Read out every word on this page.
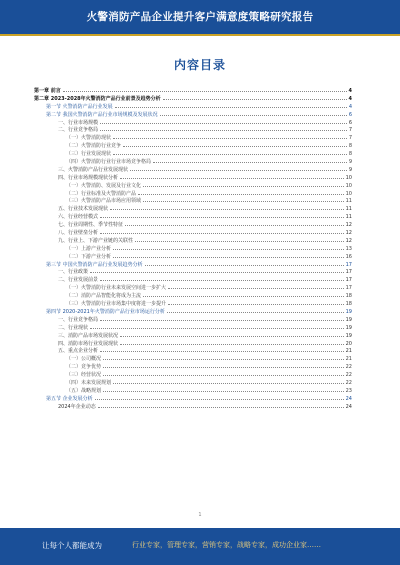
火警消防产品企业提升客户满意度策略研究报告
内容目录
第一章 前言	4
第二章 2023-2028年火警消防产品行业前景及趋势分析	4
第一节 火警消防产品行业发展	4
第二节 我国火警消防产品行业市场规模及发展状况	6
一、行业市场规模	6
二、行业竞争格局	7
（一）火警消防现状	7
（二）火警消防行业竞争	8
（三）行业发展现状	8
（四）火警消防行业行业市场竞争格局	9
三、火警消防产品行业发展现状	9
四、行业市场规模现状分析	10
（一）火警消防、发展及行业文化	10
（二）行业标准及火警消防产品	10
（三）火警消防产品市场应用领域	11
五、行业技术发展现状	11
六、行业经营模式	11
七、行业周期性、季节性特征	12
八、行业壁垒分析	12
九、行业上、下游产业链的关联性	12
（一）上游产业分析	13
（二）下游产业分析	16
第三节 中国火警消防产品行业发展趋势分析	17
一、行业政策	17
二、行业发展前景	17
（一）火警消防行业未来发展空间进一步扩大	17
（二）消防产品智能化将成为主流	18
（三）火警消防行业市场集中度将进一步提升	18
第四节 2020-2021年火警消防产品行业市场运行分析	19
一、行业竞争格局	19
二、行业现状	19
三、消防产品市场发展状况	19
四、消防市场行业发展现状	20
五、重点企业分析	21
（一）公司概况	21
（二）竞争优势	22
（三）经营状况	22
（四）未来发展规划	22
（五）战略规划	23
第五节 企业发展分析	24
2024年企业动态	24
1
让每个人都能成为	行业专家，管理专家，营销专家，战略专家，成功企业家……
